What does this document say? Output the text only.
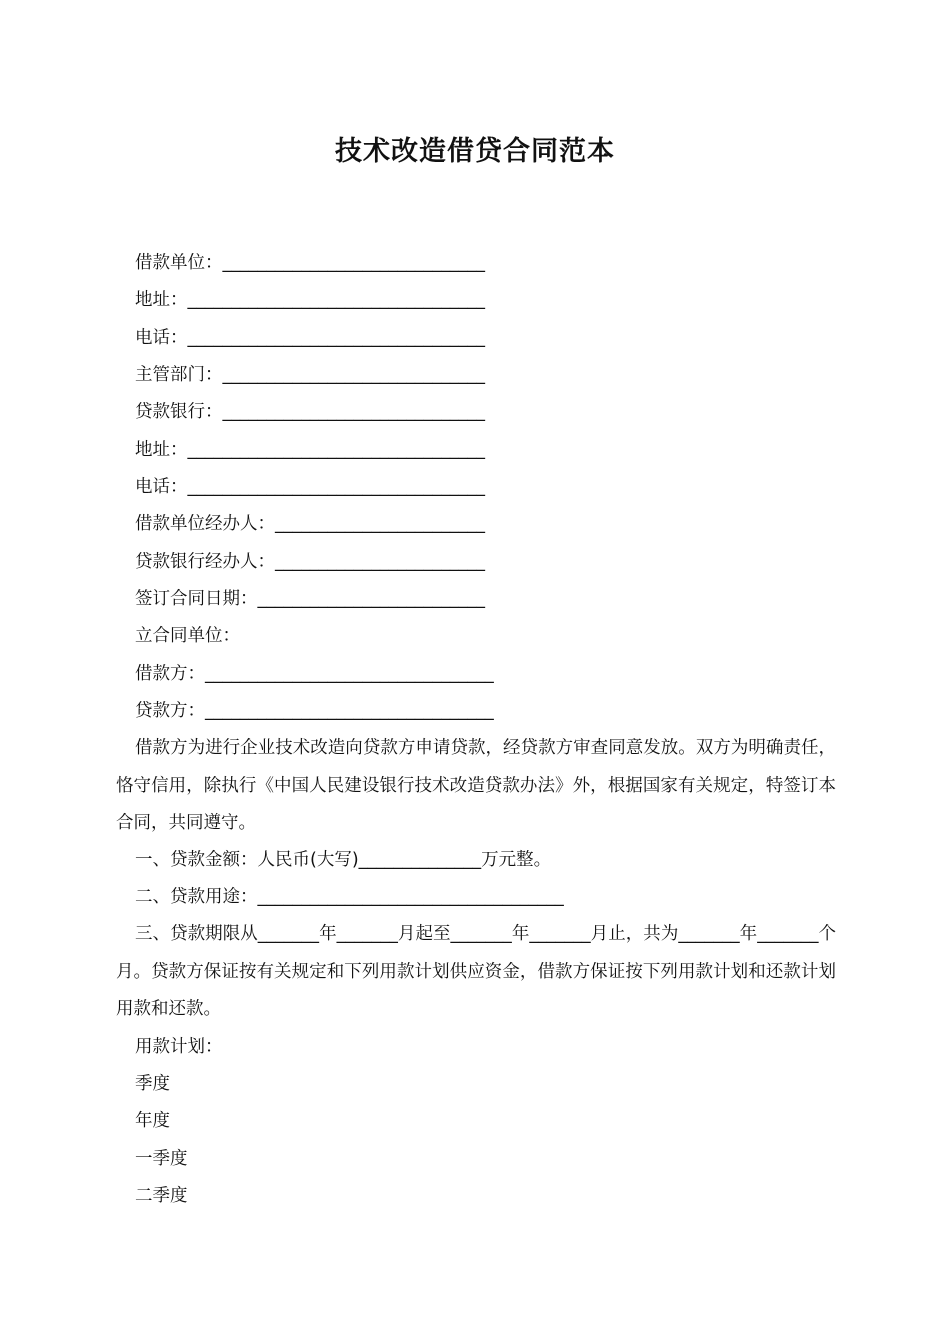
技术改造借贷合同范本
借款单位：______________________________
地址：__________________________________
电话：__________________________________
主管部门：______________________________
贷款银行：______________________________
地址：__________________________________
电话：__________________________________
借款单位经办人：________________________
贷款银行经办人：________________________
签订合同日期：__________________________
立合同单位：
借款方：_________________________________
贷款方：_________________________________
借款方为进行企业技术改造向贷款方申请贷款，经贷款方审查同意发放。双方为明确责任，恪守信用，除执行《中国人民建设银行技术改造贷款办法》外，根据国家有关规定，特签订本合同，共同遵守。
一、贷款金额：人民币(大写)______________万元整。
二、贷款用途：___________________________________
三、贷款期限从_______年_______月起至_______年_______月止，共为_______年_______个月。贷款方保证按有关规定和下列用款计划供应资金，借款方保证按下列用款计划和还款计划用款和还款。
用款计划：
季度
年度
一季度
二季度
